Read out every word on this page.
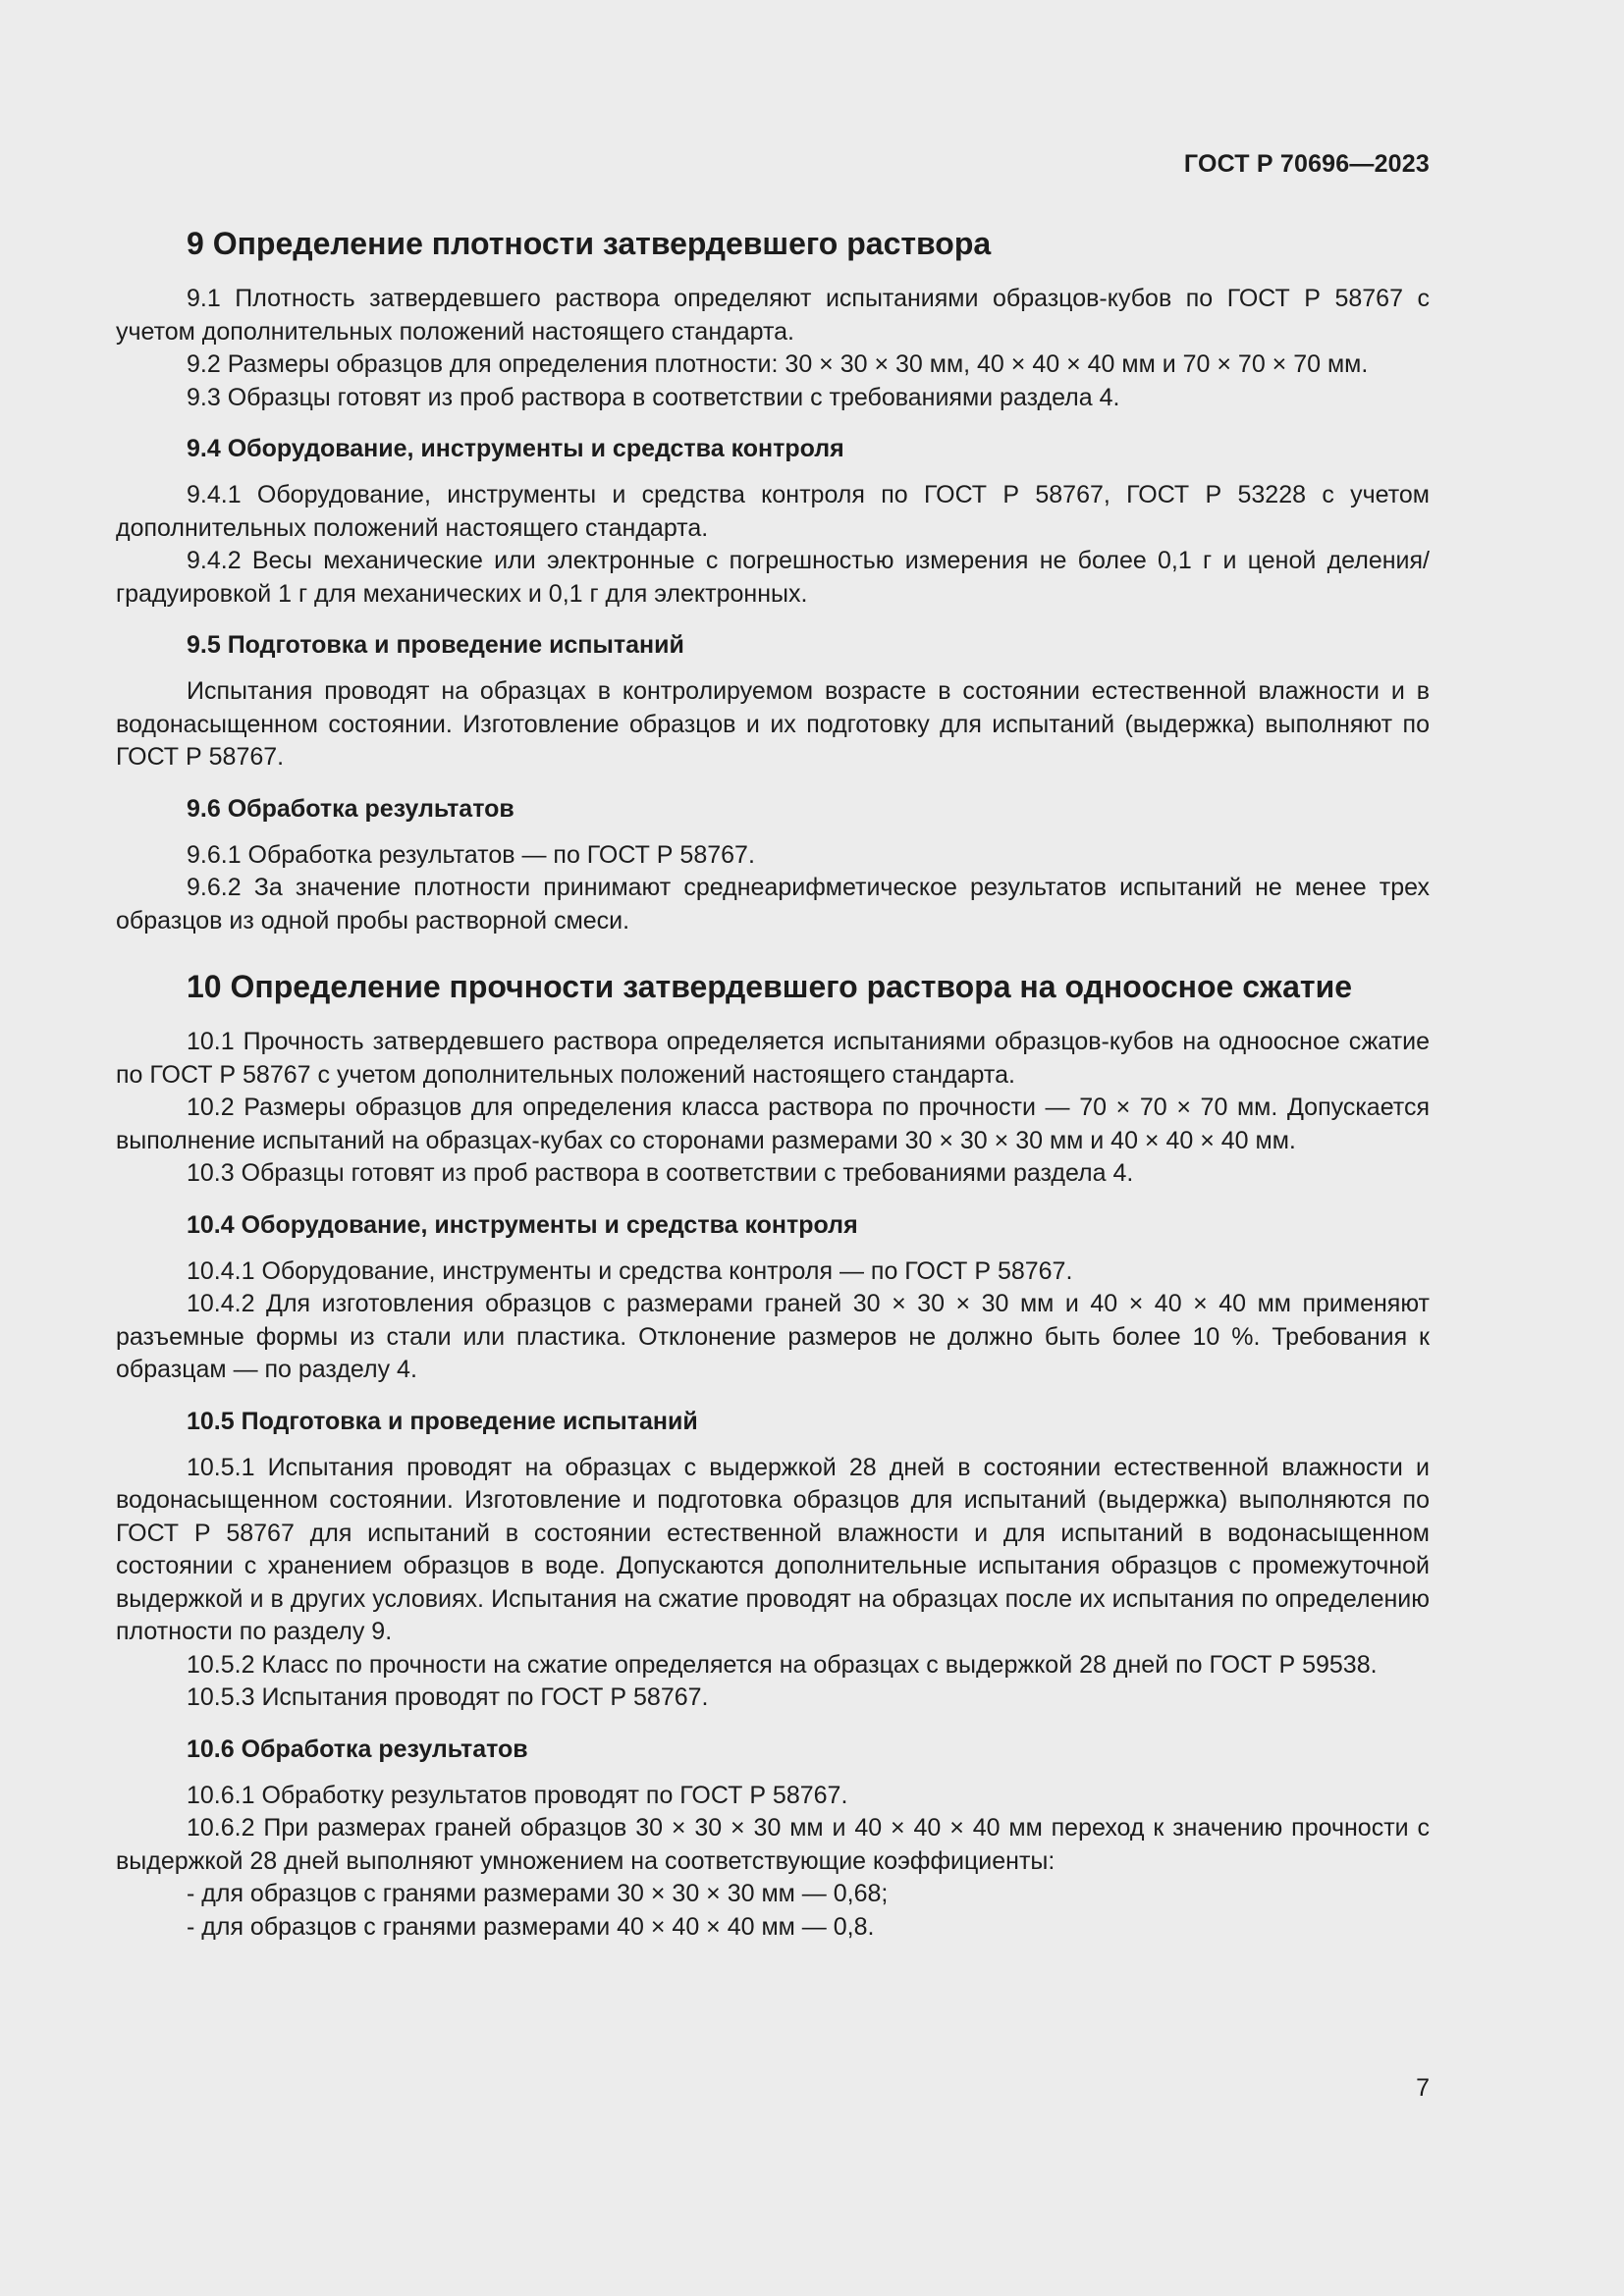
ГОСТ Р 70696—2023
9 Определение плотности затвердевшего раствора

9.1 Плотность затвердевшего раствора определяют испытаниями образцов-кубов по ГОСТ Р 58767 с учетом дополнительных положений настоящего стандарта.

9.2 Размеры образцов для определения плотности: 30 × 30 × 30 мм, 40 × 40 × 40 мм и 70 × 70 × 70 мм.

9.3 Образцы готовят из проб раствора в соответствии с требованиями раздела 4.

9.4 Оборудование, инструменты и средства контроля

9.4.1 Оборудование, инструменты и средства контроля по ГОСТ Р 58767, ГОСТ Р 53228 с учетом дополнительных положений настоящего стандарта.

9.4.2 Весы механические или электронные с погрешностью измерения не более 0,1 г и ценой деления/градуировкой 1 г для механических и 0,1 г для электронных.

9.5 Подготовка и проведение испытаний

Испытания проводят на образцах в контролируемом возрасте в состоянии естественной влажности и в водонасыщенном состоянии. Изготовление образцов и их подготовку для испытаний (выдержка) выполняют по ГОСТ Р 58767.

9.6 Обработка результатов

9.6.1 Обработка результатов — по ГОСТ Р 58767.

9.6.2 За значение плотности принимают среднеарифметическое результатов испытаний не менее трех образцов из одной пробы растворной смеси.

10 Определение прочности затвердевшего раствора на одноосное сжатие

10.1 Прочность затвердевшего раствора определяется испытаниями образцов-кубов на одноосное сжатие по ГОСТ Р 58767 с учетом дополнительных положений настоящего стандарта.

10.2 Размеры образцов для определения класса раствора по прочности — 70 × 70 × 70 мм. Допускается выполнение испытаний на образцах-кубах со сторонами размерами 30 × 30 × 30 мм и 40 × 40 × 40 мм.

10.3 Образцы готовят из проб раствора в соответствии с требованиями раздела 4.

10.4 Оборудование, инструменты и средства контроля

10.4.1 Оборудование, инструменты и средства контроля — по ГОСТ Р 58767.

10.4.2 Для изготовления образцов с размерами граней 30 × 30 × 30 мм и 40 × 40 × 40 мм применяют разъемные формы из стали или пластика. Отклонение размеров не должно быть более 10 %. Требования к образцам — по разделу 4.

10.5 Подготовка и проведение испытаний

10.5.1 Испытания проводят на образцах с выдержкой 28 дней в состоянии естественной влажности и водонасыщенном состоянии. Изготовление и подготовка образцов для испытаний (выдержка) выполняются по ГОСТ Р 58767 для испытаний в состоянии естественной влажности и для испытаний в водонасыщенном состоянии с хранением образцов в воде. Допускаются дополнительные испытания образцов с промежуточной выдержкой и в других условиях. Испытания на сжатие проводят на образцах после их испытания по определению плотности по разделу 9.

10.5.2 Класс по прочности на сжатие определяется на образцах с выдержкой 28 дней по ГОСТ Р 59538.

10.5.3 Испытания проводят по ГОСТ Р 58767.

10.6 Обработка результатов

10.6.1 Обработку результатов проводят по ГОСТ Р 58767.

10.6.2 При размерах граней образцов 30 × 30 × 30 мм и 40 × 40 × 40 мм переход к значению прочности с выдержкой 28 дней выполняют умножением на соответствующие коэффициенты:

- для образцов с гранями размерами 30 × 30 × 30 мм — 0,68;

- для образцов с гранями размерами 40 × 40 × 40 мм — 0,8.

7
